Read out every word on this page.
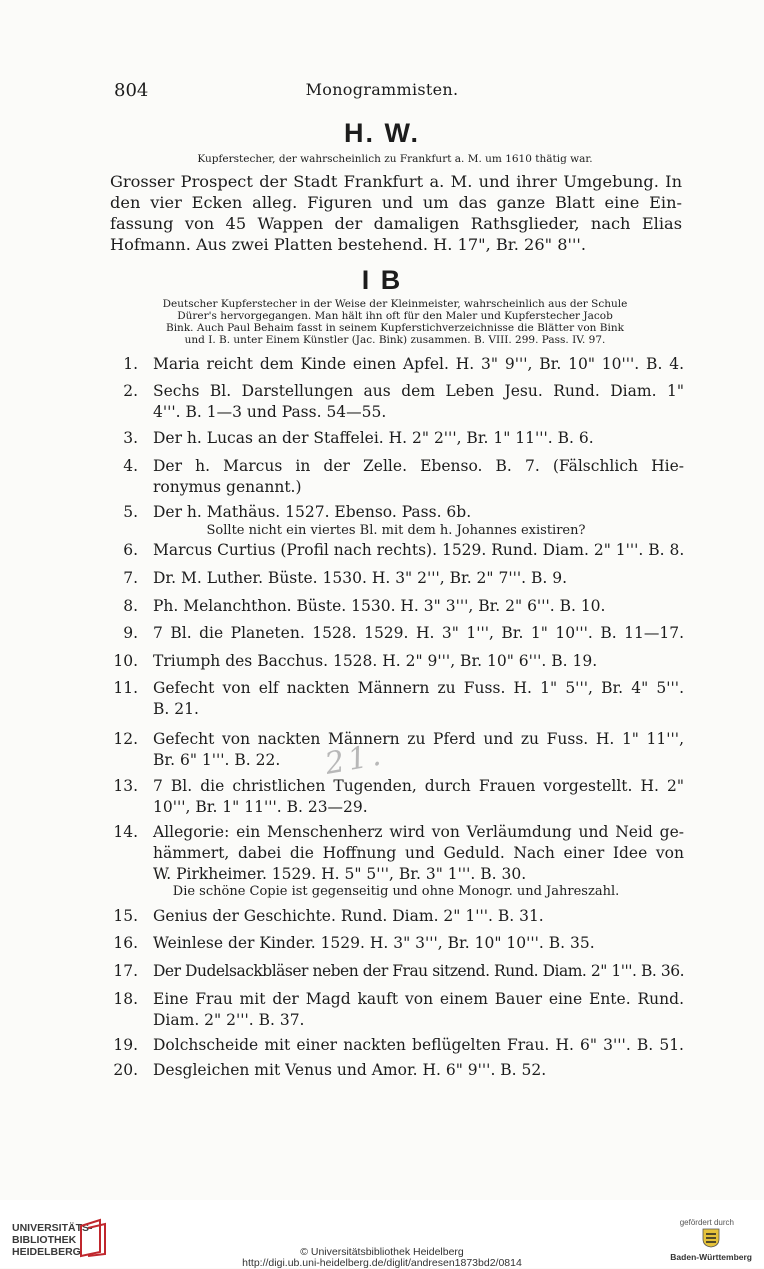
804	Monogrammisten.
H. W.
Kupferstecher, der wahrscheinlich zu Frankfurt a. M. um 1610 thätig war.
Grosser Prospect der Stadt Frankfurt a. M. und ihrer Umgebung. In
den vier Ecken alleg. Figuren und um das ganze Blatt eine Ein-
fassung von 45 Wappen der damaligen Rathsglieder, nach Elias
Hofmann. Aus zwei Platten bestehend. H. 17", Br. 26" 8'''.
I B
Deutscher Kupferstecher in der Weise der Kleinmeister, wahrscheinlich aus der Schule
Dürer's hervorgegangen. Man hält ihn oft für den Maler und Kupferstecher Jacob
Bink. Auch Paul Behaim fasst in seinem Kupferstichverzeichnisse die Blätter von Bink
und I. B. unter Einem Künstler (Jac. Bink) zusammen. B. VIII. 299. Pass. IV. 97.
1. Maria reicht dem Kinde einen Apfel. H. 3" 9''', Br. 10" 10'''. B. 4.
2. Sechs Bl. Darstellungen aus dem Leben Jesu. Rund. Diam. 1"
4'''. B. 1—3 und Pass. 54—55.
3. Der h. Lucas an der Staffelei. H. 2" 2''', Br. 1" 11'''. B. 6.
4. Der h. Marcus in der Zelle. Ebenso. B. 7. (Fälschlich Hie-
ronymus genannt.)
5. Der h. Mathäus. 1527. Ebenso. Pass. 6b.
Sollte nicht ein viertes Bl. mit dem h. Johannes existiren?
6. Marcus Curtius (Profil nach rechts). 1529. Rund. Diam. 2" 1'''. B. 8.
7. Dr. M. Luther. Büste. 1530. H. 3" 2''', Br. 2" 7'''. B. 9.
8. Ph. Melanchthon. Büste. 1530. H. 3" 3''', Br. 2" 6'''. B. 10.
9. 7 Bl. die Planeten. 1528. 1529. H. 3" 1''', Br. 1" 10'''. B. 11—17.
10. Triumph des Bacchus. 1528. H. 2" 9''', Br. 10" 6'''. B. 19.
11. Gefecht von elf nackten Männern zu Fuss. H. 1" 5''', Br. 4" 5'''.
B. 21.
12. Gefecht von nackten Männern zu Pferd und zu Fuss. H. 1" 11''',
Br. 6" 1'''. B. 22.	21.
13. 7 Bl. die christlichen Tugenden, durch Frauen vorgestellt. H. 2"
10''', Br. 1" 11'''. B. 23—29.
14. Allegorie: ein Menschenherz wird von Verläumdung und Neid ge-
hämmert, dabei die Hoffnung und Geduld. Nach einer Idee von
W. Pirkheimer. 1529. H. 5" 5''', Br. 3" 1'''. B. 30.
Die schöne Copie ist gegenseitig und ohne Monogr. und Jahreszahl.
15. Genius der Geschichte. Rund. Diam. 2" 1'''. B. 31.
16. Weinlese der Kinder. 1529. H. 3" 3''', Br. 10" 10'''. B. 35.
17. Der Dudelsackbläser neben der Frau sitzend. Rund. Diam. 2" 1'''. B. 36.
18. Eine Frau mit der Magd kauft von einem Bauer eine Ente. Rund.
Diam. 2" 2'''. B. 37.
19. Dolchscheide mit einer nackten beflügelten Frau. H. 6" 3'''. B. 51.
20. Desgleichen mit Venus und Amor. H. 6" 9'''. B. 52.
UNIVERSITÄTS-
BIBLIOTHEK
HEIDELBERG	© Universitätsbibliothek Heidelberg
http://digi.ub.uni-heidelberg.de/diglit/andresen1873bd2/0814
gefördert durch
Baden-Württemberg
